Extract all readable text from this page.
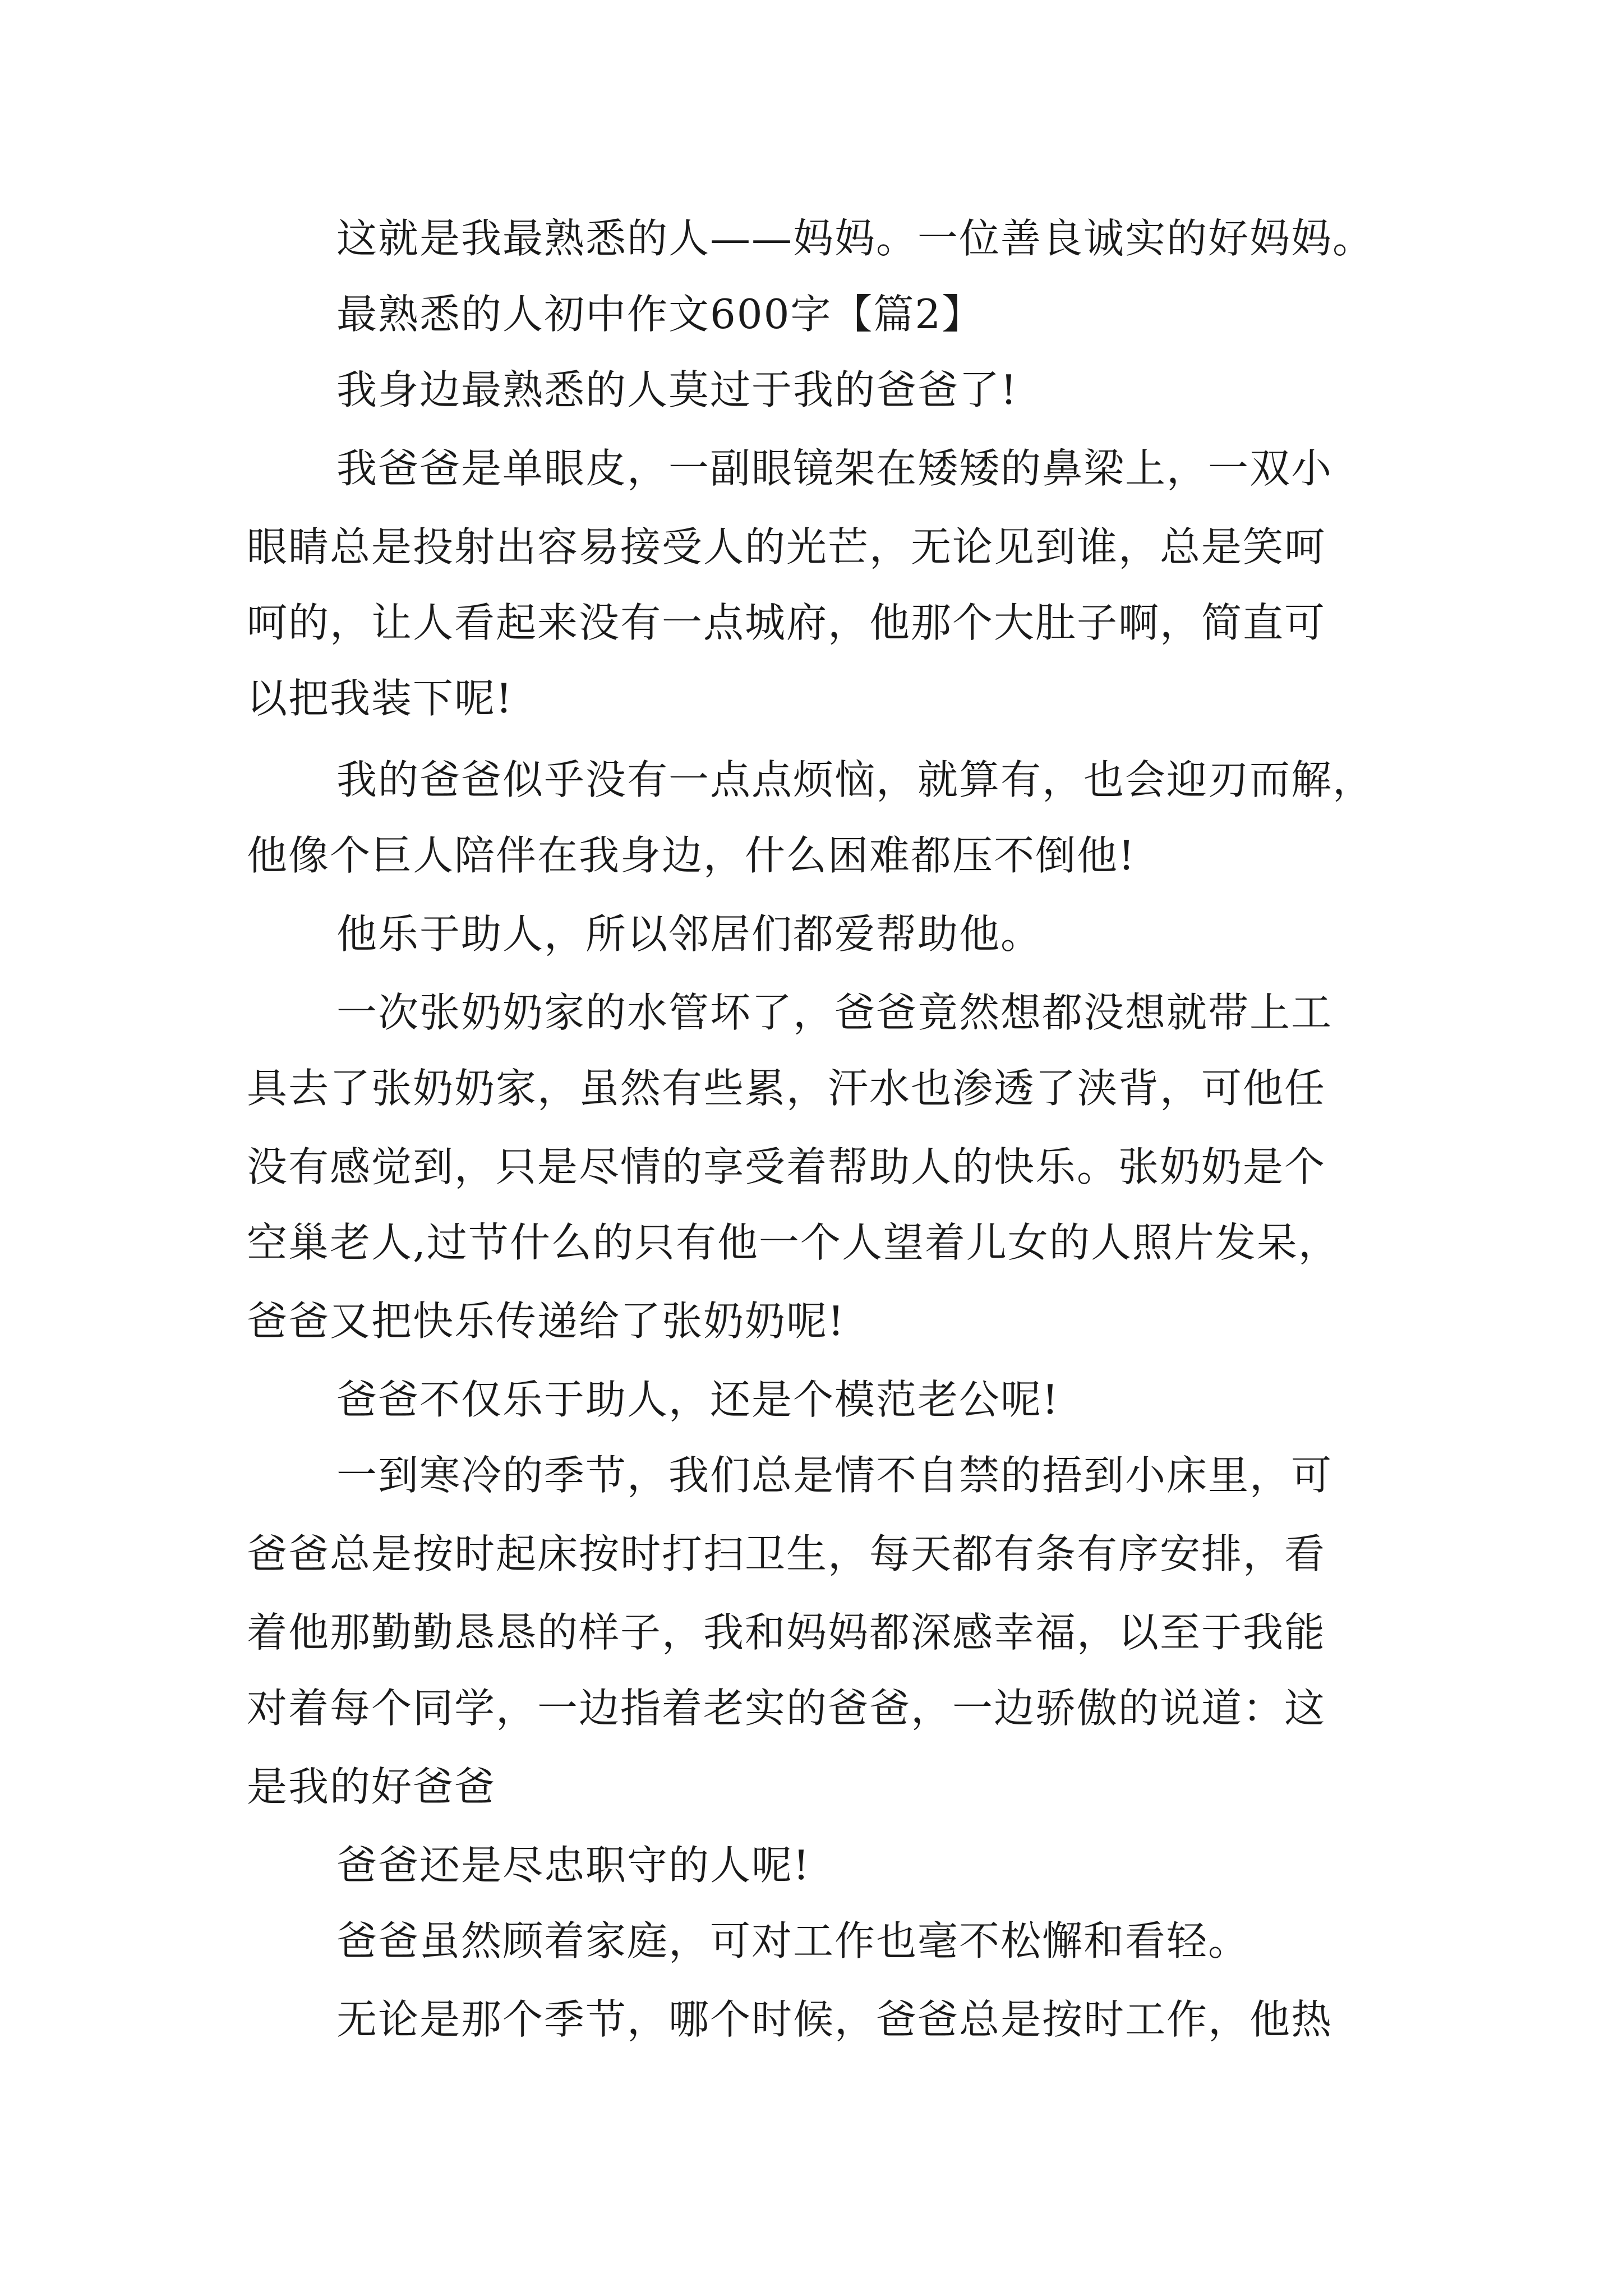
这就是我最熟悉的人——妈妈。一位善良诚实的好妈妈。
最熟悉的人初中作文600字【篇2】
我身边最熟悉的人莫过于我的爸爸了!
我爸爸是单眼皮，一副眼镜架在矮矮的鼻梁上，一双小
眼睛总是投射出容易接受人的光芒，无论见到谁，总是笑呵
呵的，让人看起来没有一点城府，他那个大肚子啊，简直可
以把我装下呢!
我的爸爸似乎没有一点点烦恼，就算有，也会迎刃而解，
他像个巨人陪伴在我身边，什么困难都压不倒他!
他乐于助人，所以邻居们都爱帮助他。
一次张奶奶家的水管坏了，爸爸竟然想都没想就带上工
具去了张奶奶家，虽然有些累，汗水也渗透了浃背，可他任
没有感觉到，只是尽情的享受着帮助人的快乐。张奶奶是个
空巢老人,过节什么的只有他一个人望着儿女的人照片发呆，
爸爸又把快乐传递给了张奶奶呢!
爸爸不仅乐于助人，还是个模范老公呢!
一到寒冷的季节，我们总是情不自禁的捂到小床里，可
爸爸总是按时起床按时打扫卫生，每天都有条有序安排，看
着他那勤勤恳恳的样子，我和妈妈都深感幸福，以至于我能
对着每个同学，一边指着老实的爸爸，一边骄傲的说道：这
是我的好爸爸
爸爸还是尽忠职守的人呢!
爸爸虽然顾着家庭，可对工作也毫不松懈和看轻。
无论是那个季节，哪个时候，爸爸总是按时工作，他热
